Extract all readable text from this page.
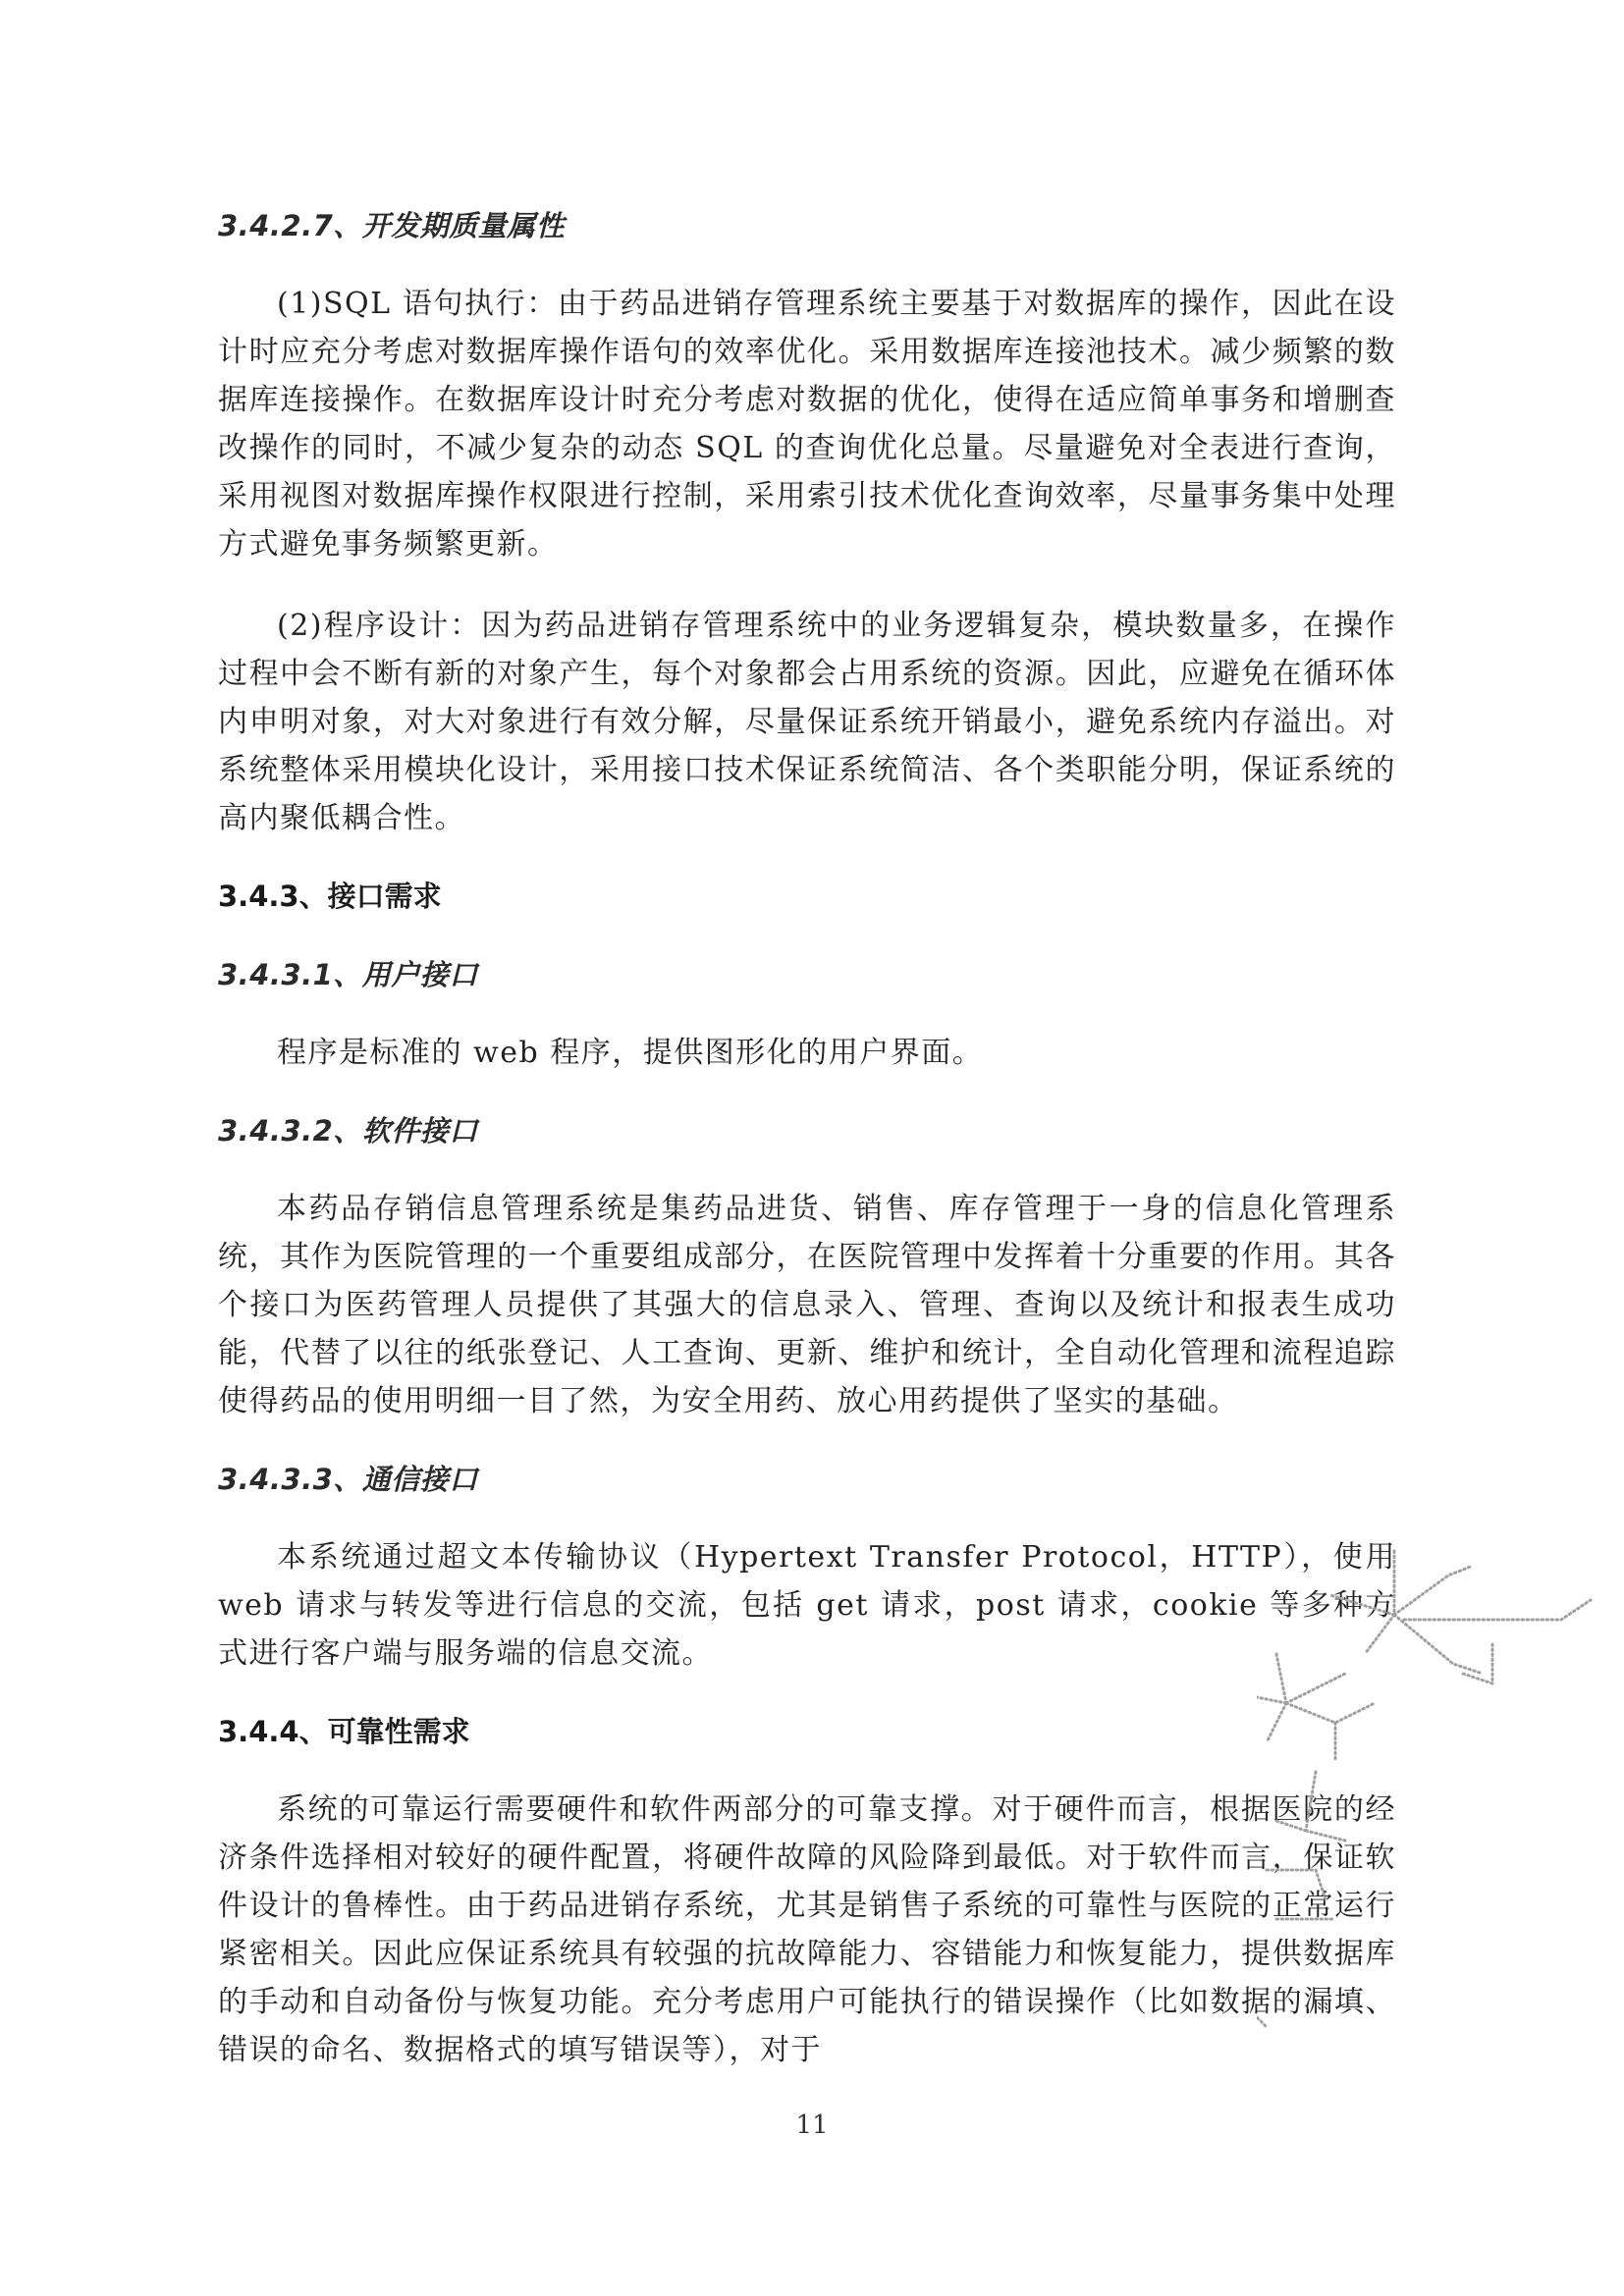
3.4.2.7、开发期质量属性

(1)SQL 语句执行：由于药品进销存管理系统主要基于对数据库的操作，因此在设计时应充分考虑对数据库操作语句的效率优化。采用数据库连接池技术。减少频繁的数据库连接操作。在数据库设计时充分考虑对数据的优化，使得在适应简单事务和增删查改操作的同时，不减少复杂的动态 SQL 的查询优化总量。尽量避免对全表进行查询，采用视图对数据库操作权限进行控制，采用索引技术优化查询效率，尽量事务集中处理方式避免事务频繁更新。

(2)程序设计：因为药品进销存管理系统中的业务逻辑复杂，模块数量多，在操作过程中会不断有新的对象产生，每个对象都会占用系统的资源。因此，应避免在循环体内申明对象，对大对象进行有效分解，尽量保证系统开销最小，避免系统内存溢出。对系统整体采用模块化设计，采用接口技术保证系统简洁、各个类职能分明，保证系统的高内聚低耦合性。

3.4.3、接口需求
3.4.3.1、用户接口

程序是标准的 web 程序，提供图形化的用户界面。

3.4.3.2、软件接口

本药品存销信息管理系统是集药品进货、销售、库存管理于一身的信息化管理系统，其作为医院管理的一个重要组成部分，在医院管理中发挥着十分重要的作用。其各个接口为医药管理人员提供了其强大的信息录入、管理、查询以及统计和报表生成功能，代替了以往的纸张登记、人工查询、更新、维护和统计，全自动化管理和流程追踪使得药品的使用明细一目了然，为安全用药、放心用药提供了坚实的基础。

3.4.3.3、通信接口

本系统通过超文本传输协议（Hypertext Transfer Protocol，HTTP），使用 web 请求与转发等进行信息的交流，包括 get 请求，post 请求，cookie 等多种方式进行客户端与服务端的信息交流。

3.4.4、可靠性需求

系统的可靠运行需要硬件和软件两部分的可靠支撑。对于硬件而言，根据医院的经济条件选择相对较好的硬件配置，将硬件故障的风险降到最低。对于软件而言，保证软件设计的鲁棒性。由于药品进销存系统，尤其是销售子系统的可靠性与医院的正常运行紧密相关。因此应保证系统具有较强的抗故障能力、容错能力和恢复能力，提供数据库的手动和自动备份与恢复功能。充分考虑用户可能执行的错误操作（比如数据的漏填、错误的命名、数据格式的填写错误等），对于

11
